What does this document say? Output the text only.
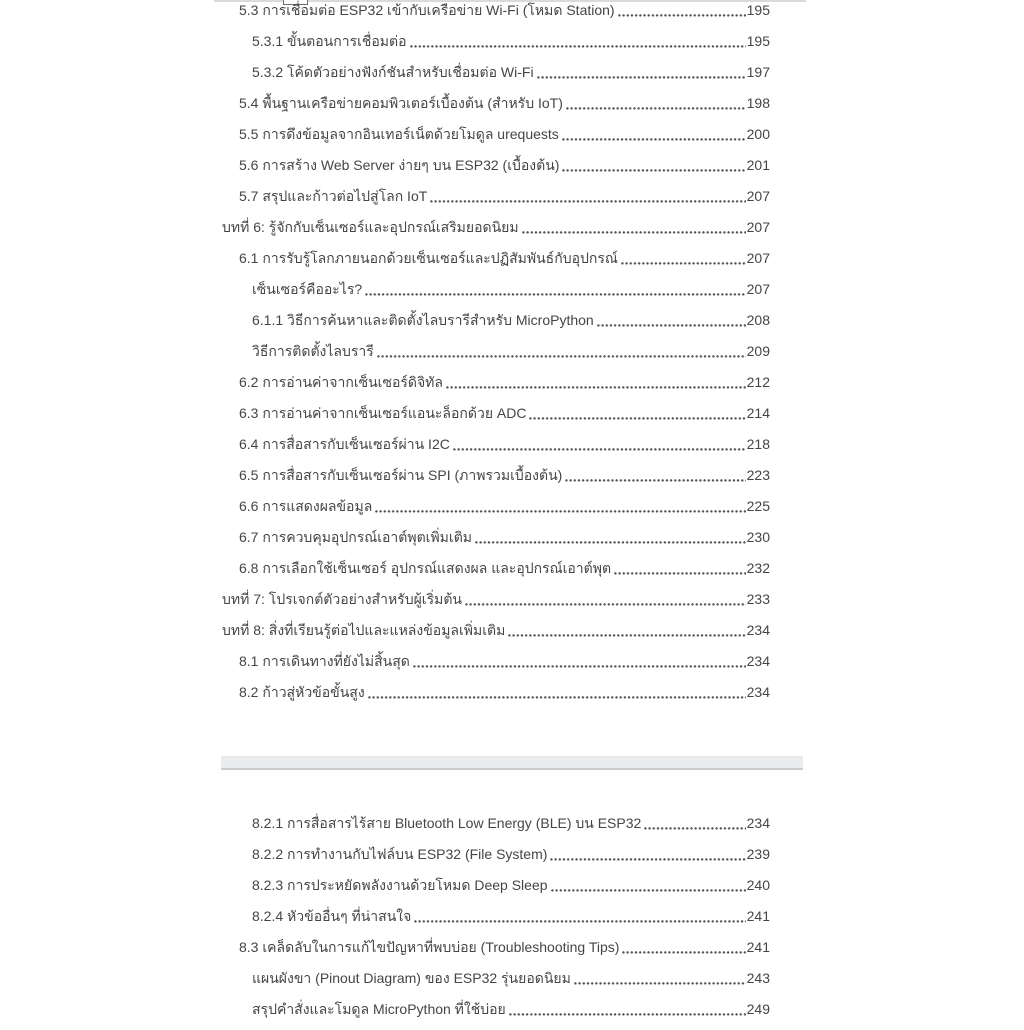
5.3 การเชื่อมต่อ ESP32 เข้ากับเครือข่าย Wi-Fi (โหมด Station)	195
5.3.1 ขั้นตอนการเชื่อมต่อ	195
5.3.2 โค้ดตัวอย่างฟังก์ชันสำหรับเชื่อมต่อ Wi-Fi	197
5.4 พื้นฐานเครือข่ายคอมพิวเตอร์เบื้องต้น (สำหรับ IoT)	198
5.5 การดึงข้อมูลจากอินเทอร์เน็ตด้วยโมดูล urequests	200
5.6 การสร้าง Web Server ง่ายๆ บน ESP32 (เบื้องต้น)	201
5.7 สรุปและก้าวต่อไปสู่โลก IoT	207
บทที่ 6: รู้จักกับเซ็นเซอร์และอุปกรณ์เสริมยอดนิยม	207
6.1 การรับรู้โลกภายนอกด้วยเซ็นเซอร์และปฏิสัมพันธ์กับอุปกรณ์	207
เซ็นเซอร์คืออะไร?	207
6.1.1 วิธีการค้นหาและติดตั้งไลบรารีสำหรับ MicroPython	208
วิธีการติดตั้งไลบรารี	209
6.2 การอ่านค่าจากเซ็นเซอร์ดิจิทัล	212
6.3 การอ่านค่าจากเซ็นเซอร์แอนะล็อกด้วย ADC	214
6.4 การสื่อสารกับเซ็นเซอร์ผ่าน I2C	218
6.5 การสื่อสารกับเซ็นเซอร์ผ่าน SPI (ภาพรวมเบื้องต้น)	223
6.6 การแสดงผลข้อมูล	225
6.7 การควบคุมอุปกรณ์เอาต์พุตเพิ่มเติม	230
6.8 การเลือกใช้เซ็นเซอร์ อุปกรณ์แสดงผล และอุปกรณ์เอาต์พุต	232
บทที่ 7: โปรเจกต์ตัวอย่างสำหรับผู้เริ่มต้น	233
บทที่ 8: สิ่งที่เรียนรู้ต่อไปและแหล่งข้อมูลเพิ่มเติม	234
8.1 การเดินทางที่ยังไม่สิ้นสุด	234
8.2 ก้าวสู่หัวข้อขั้นสูง	234
8.2.1 การสื่อสารไร้สาย Bluetooth Low Energy (BLE) บน ESP32	234
8.2.2 การทำงานกับไฟล์บน ESP32 (File System)	239
8.2.3 การประหยัดพลังงานด้วยโหมด Deep Sleep	240
8.2.4 หัวข้ออื่นๆ ที่น่าสนใจ	241
8.3 เคล็ดลับในการแก้ไขปัญหาที่พบบ่อย (Troubleshooting Tips)	241
แผนผังขา (Pinout Diagram) ของ ESP32 รุ่นยอดนิยม	243
สรุปคำสั่งและโมดูล MicroPython ที่ใช้บ่อย	249
